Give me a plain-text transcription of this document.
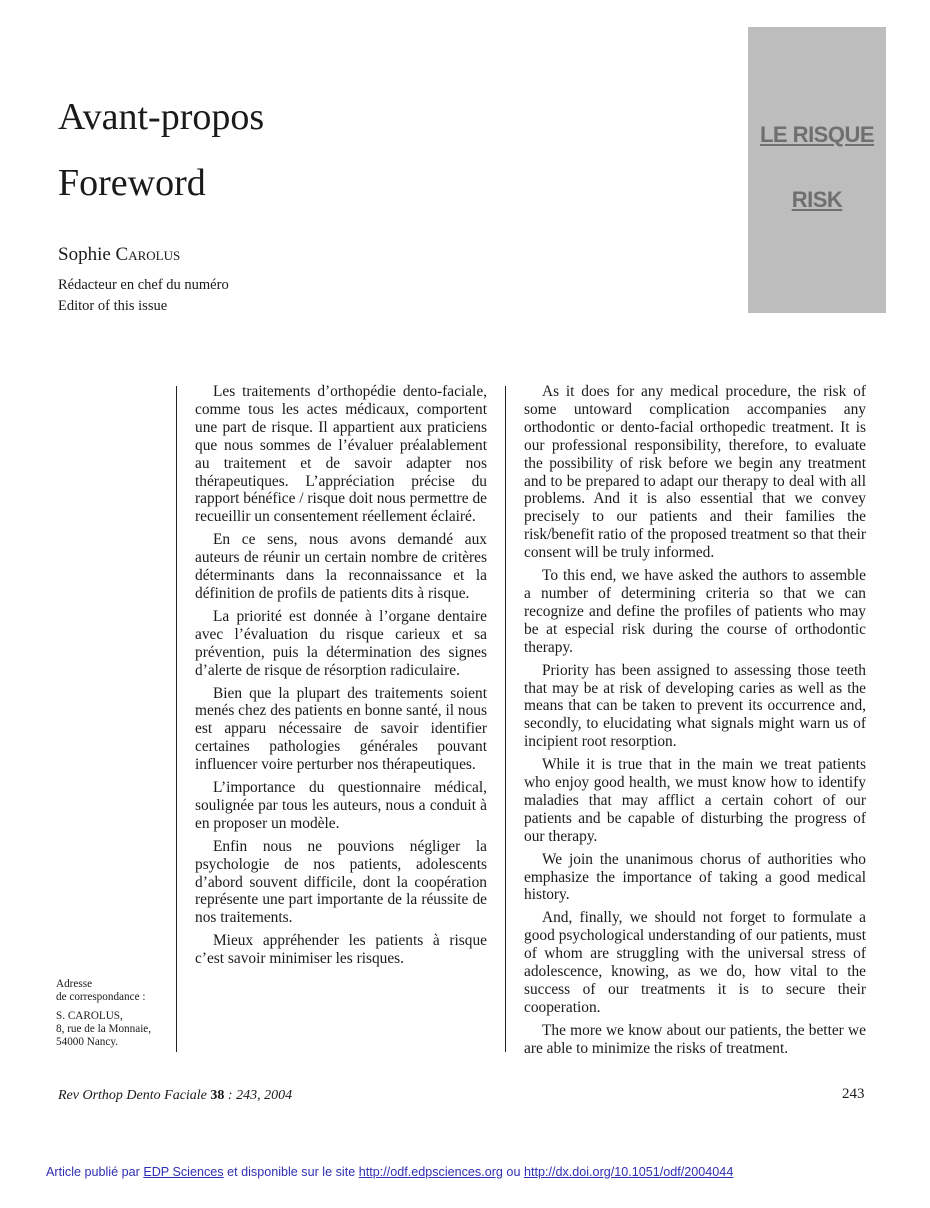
Avant-propos
Foreword
Sophie Carolus
Rédacteur en chef du numéro
Editor of this issue
LE RISQUE
RISK

Les traitements d’orthopédie dento-faciale, comme tous les actes médicaux, comportent une part de risque. Il appartient aux praticiens que nous sommes de l’évaluer préalablement au traitement et de savoir adapter nos thérapeutiques. L’appréciation précise du rapport bénéfice / risque doit nous permettre de recueillir un consentement réellement éclairé.

En ce sens, nous avons demandé aux auteurs de réunir un certain nombre de critères déterminants dans la reconnaissance et la définition de profils de patients dits à risque.

La priorité est donnée à l’organe dentaire avec l’évaluation du risque carieux et sa prévention, puis la détermination des signes d’alerte de risque de résorption radiculaire.

Bien que la plupart des traitements soient menés chez des patients en bonne santé, il nous est apparu nécessaire de savoir identifier certaines pathologies générales pouvant influencer voire perturber nos thérapeutiques.

L’importance du questionnaire médical, soulignée par tous les auteurs, nous a conduit à en proposer un modèle.

Enfin nous ne pouvions négliger la psychologie de nos patients, adolescents d’abord souvent difficile, dont la coopération représente une part importante de la réussite de nos traitements.

Mieux appréhender les patients à risque c’est savoir minimiser les risques.

As it does for any medical procedure, the risk of some untoward complication accompanies any orthodontic or dento-facial orthopedic treatment. It is our professional responsibility, therefore, to evaluate the possibility of risk before we begin any treatment and to be prepared to adapt our therapy to deal with all problems. And it is also essential that we convey precisely to our patients and their families the risk/benefit ratio of the proposed treatment so that their consent will be truly informed.

To this end, we have asked the authors to assemble a number of determining criteria so that we can recognize and define the profiles of patients who may be at especial risk during the course of orthodontic therapy.

Priority has been assigned to assessing those teeth that may be at risk of developing caries as well as the means that can be taken to prevent its occurrence and, secondly, to elucidating what signals might warn us of incipient root resorption.

While it is true that in the main we treat patients who enjoy good health, we must know how to identify maladies that may afflict a certain cohort of our patients and be capable of disturbing the progress of our therapy.

We join the unanimous chorus of authorities who emphasize the importance of taking a good medical history.

And, finally, we should not forget to formulate a good psychological understanding of our patients, must of whom are struggling with the universal stress of adolescence, knowing, as we do, how vital to the success of our treatments it is to secure their cooperation.

The more we know about our patients, the better we are able to minimize the risks of treatment.

Adresse
de correspondance :
S. CAROLUS,
8, rue de la Monnaie,
54000 Nancy.
Rev Orthop Dento Faciale 38 : 243, 2004	243
Article publié par EDP Sciences et disponible sur le site http://odf.edpsciences.org ou http://dx.doi.org/10.1051/odf/2004044
